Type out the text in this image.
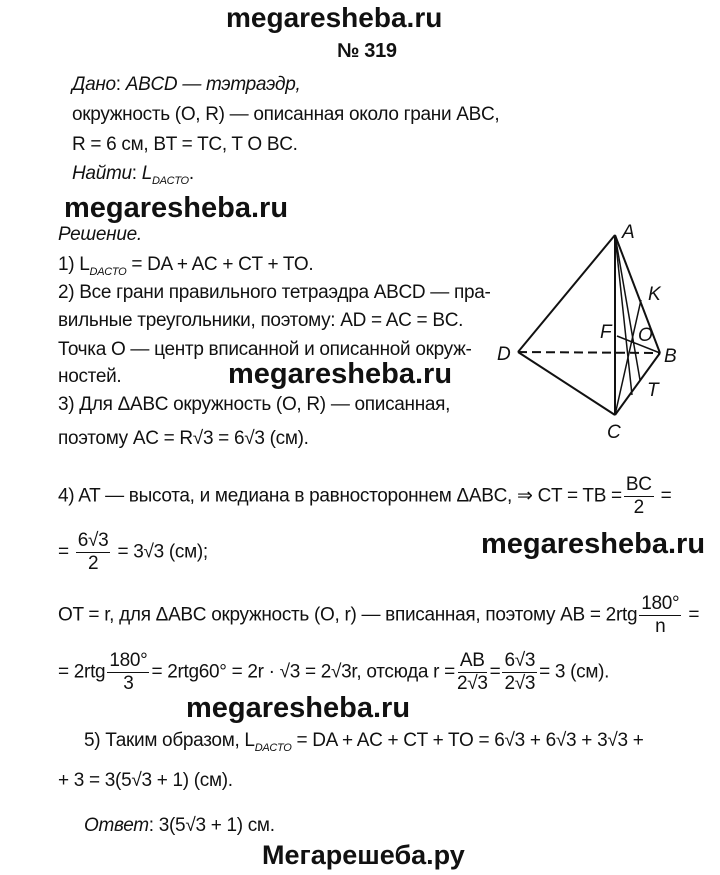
megaresheba.ru
№ 319
Дано: ABCD — тэтраэдр,
окружность (O, R) — описанная около грани ABC,
R = 6 см, BT = TC, T O BC.
Найти: $L_{DACTO}$.
megaresheba.ru
Решение.
1) $L_{DACTO}$ = DA + AC + CT + TO.
2) Все грани правильного тетраэдра ABCD — пра-
вильные треугольники, поэтому: AD = AC = BC.
Точка O — центр вписанной и описанной окруж-
ностей.	megaresheba.ru
3) Для ΔABC окружность (O, R) — описанная,
поэтому AC = R√3 = 6√3 (см).
A
B
C
D
K
F O
T
4) AT — высота, и медиана в равностороннем ΔABC, ⇒ CT = TB = $\frac{BC}{2}$ =
= $\frac{6√3}{2} = 3√3$ (см);	megaresheba.ru
OT = r, для ΔABC окружность (O, r) — вписанная, поэтому AB = $2rtg \frac{180^\circ}{n}$ =
= $2rtg \frac{180^\circ}{3} = 2rtg60^\circ = 2r \cdot √3 = 2√3r$, отсюда $r = \frac{AB}{2√3} = \frac{6√3}{2√3} = 3$ (см).
megaresheba.ru
5) Таким образом, $L_{DACTO}$ = DA + AC + CT + TO = 6√3 + 6√3 + 3√3 +
+ 3 = 3(5√3 + 1) (см).
Ответ: 3(5√3 + 1) см.
Мегарешеба.ру
